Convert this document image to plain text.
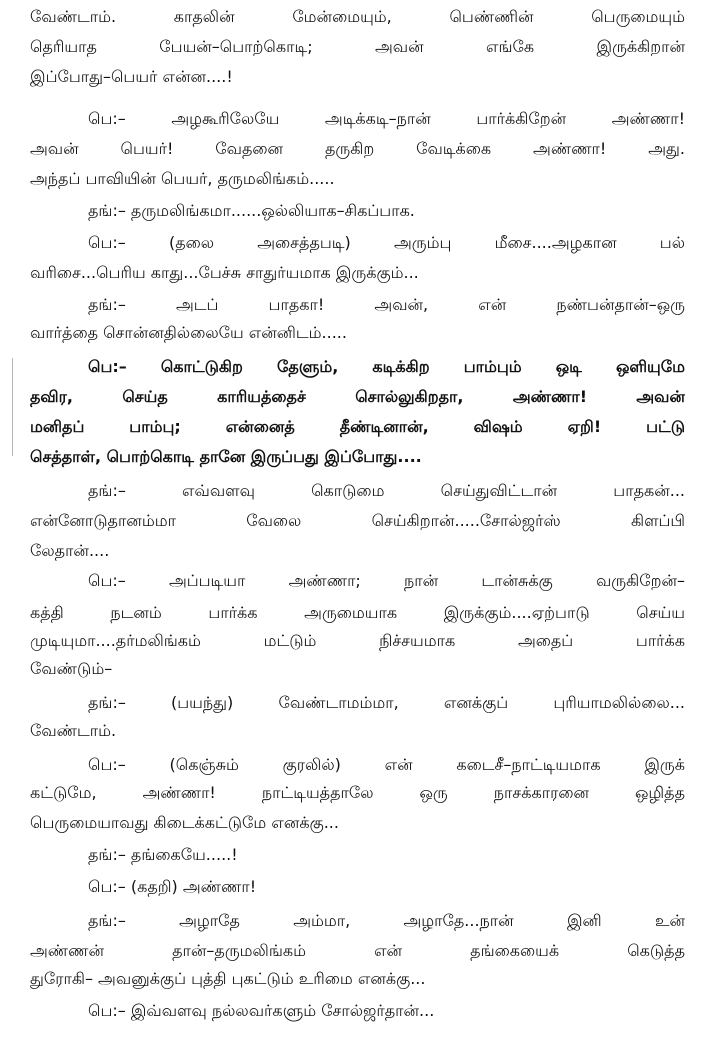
வேண்டாம். காதலின் மேன்மையும், பெண்ணின் பெருமையும்
தெரியாத பேயன்–பொற்கொடி; அவன் எங்கே இருக்கிறான்
இப்போது–பெயர் என்ன....!
பெ:– அழகூரிலேயே அடிக்கடி–நான் பார்க்கிறேன் அண்ணா!
அவன் பெயர்! வேதனை தருகிற வேடிக்கை அண்ணா! அது.
அந்தப் பாவியின் பெயர், தருமலிங்கம்.....
தங்:– தருமலிங்கமா......ஒல்லியாக–சிகப்பாக.
பெ:– (தலை அசைத்தபடி) அரும்பு மீசை....அழகான பல்
வரிசை...பெரிய காது...பேச்சு சாதுர்யமாக இருக்கும்...
தங்:– அடப் பாதகா! அவன், என் நண்பன்தான்–ஒரு
வார்த்தை சொன்னதில்லையே என்னிடம்.....
பெ:– கொட்டுகிற தேளும், கடிக்கிற பாம்பும் ஒடி ஒளியுமே
தவிர, செய்த காரியத்தைச் சொல்லுகிறதா, அண்ணா! அவன்
மனிதப் பாம்பு; என்னைத் தீண்டினான், விஷம் ஏறி! பட்டு
செத்தாள், பொற்கொடி தானே இருப்பது இப்போது....
தங்:– எவ்வளவு கொடுமை செய்துவிட்டான் பாதகன்...
என்னோடுதானம்மா வேலை செய்கிறான்.....சோல்ஜர்ஸ் கிளப்பி
லேதான்....
பெ:– அப்படியா அண்ணா; நான் டான்சுக்கு வருகிறேன்–
கத்தி நடனம் பார்க்க அருமையாக இருக்கும்....ஏற்பாடு செய்ய
முடியுமா....தர்மலிங்கம் மட்டும் நிச்சயமாக அதைப் பார்க்க
வேண்டும்–
தங்:– (பயந்து) வேண்டாமம்மா, எனக்குப் புரியாமலில்லை...
வேண்டாம்.
பெ:– (கெஞ்சும் குரலில்) என் கடைசீ–நாட்டியமாக இருக்
கட்டுமே, அண்ணா! நாட்டியத்தாலே ஒரு நாசக்காரனை ஒழித்த
பெருமையாவது கிடைக்கட்டுமே எனக்கு...
தங்:– தங்கையே.....!
பெ:– (கதறி) அண்ணா!
தங்:– அழாதே அம்மா, அழாதே...நான் இனி உன்
அண்ணன் தான்–தருமலிங்கம் என் தங்கையைக் கெடுத்த
துரோகி– அவனுக்குப் புத்தி புகட்டும் உரிமை எனக்கு...
பெ:– இவ்வளவு நல்லவர்களும் சோல்ஜர்தான்...
